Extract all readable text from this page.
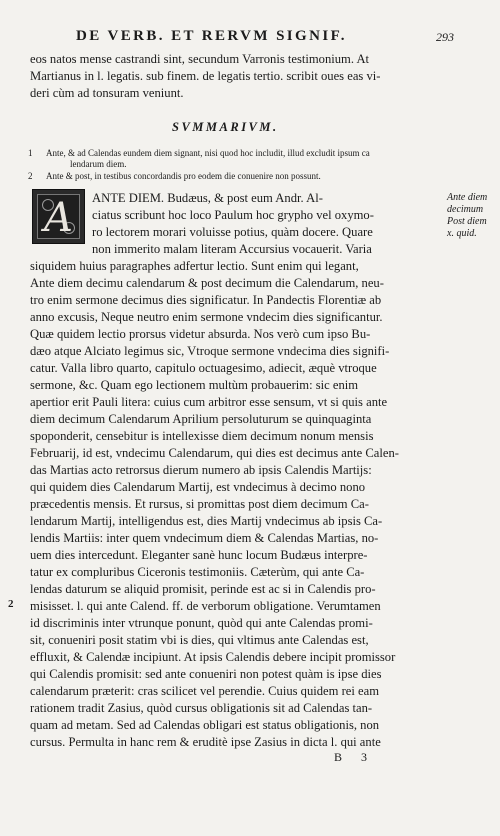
DE VERB. ET RERVM SIGNIF.	293
eos natos mense castrandi sint, secundum Varronis testimonium. At
Martianus in l. legatis. sub finem. de legatis tertio. scribit oues eas vi-
deri cùm ad tonsuram veniunt.
SVMMARIVM.
1 Ante, & ad Calendas eundem diem signant, nisi quod hoc includit, illud excludit ipsum ca
lendarum diem.
2 Ante & post, in testibus concordandis pro eodem die conuenire non possunt.
A	Ante diem
decimum
Post diem
x. quid.
2
ANTE DIEM. Budæus, & post eum Andr. Al-
ciatus scribunt hoc loco Paulum hoc grypho vel oxymo-
ro lectorem morari voluisse potius, quàm docere. Quare
non immerito malam literam Accursius vocauerit. Varia
siquidem huius paragraphes adfertur lectio. Sunt enim qui legant,
Ante diem decimu calendarum & post decimum die Calendarum, neu-
tro enim sermone decimus dies significatur. In Pandectis Florentiæ ab
anno excusis, Neque neutro enim sermone vndecim dies significantur.
Quæ quidem lectio prorsus videtur absurda. Nos verò cum ipso Bu-
dæo atque Alciato legimus sic, Vtroque sermone vndecima dies signifi-
catur. Valla libro quarto, capitulo octuagesimo, adiecit, æquè vtroque
sermone, &c. Quam ego lectionem multùm probauerim: sic enim
apertior erit Pauli litera: cuius cum arbitror esse sensum, vt si quis ante
diem decimum Calendarum Aprilium persoluturum se quinquaginta
spoponderit, censebitur is intellexisse diem decimum nonum mensis
Februarij, id est, vndecimu Calendarum, qui dies est decimus ante Calen-
das Martias acto retrorsus dierum numero ab ipsis Calendis Martijs:
qui quidem dies Calendarum Martij, est vndecimus à decimo nono
præcedentis mensis. Et rursus, si promittas post diem decimum Ca-
lendarum Martij, intelligendus est, dies Martij vndecimus ab ipsis Ca-
lendis Martiis: inter quem vndecimum diem & Calendas Martias, no-
uem dies intercedunt. Eleganter sanè hunc locum Budæus interpre-
tatur ex compluribus Ciceronis testimoniis. Cæterùm, qui ante Ca-
lendas daturum se aliquid promisit, perinde est ac si in Calendis pro-
misisset. l. qui ante Calend. ff. de verborum obligatione. Verumtamen
id discriminis inter vtrunque ponunt, quòd qui ante Calendas promi-
sit, conueniri posit statim vbi is dies, qui vltimus ante Calendas est,
effluxit, & Calendæ incipiunt. At ipsis Calendis debere incipit promissor
qui Calendis promisit: sed ante conueniri non potest quàm is ipse dies
calendarum præterit: cras scilicet vel perendie. Cuius quidem rei eam
rationem tradit Zasius, quòd cursus obligationis sit ad Calendas tan-
quam ad metam. Sed ad Calendas obligari est status obligationis, non
cursus. Permulta in hanc rem & eruditè ipse Zasius in dicta l. qui ante
B 3
